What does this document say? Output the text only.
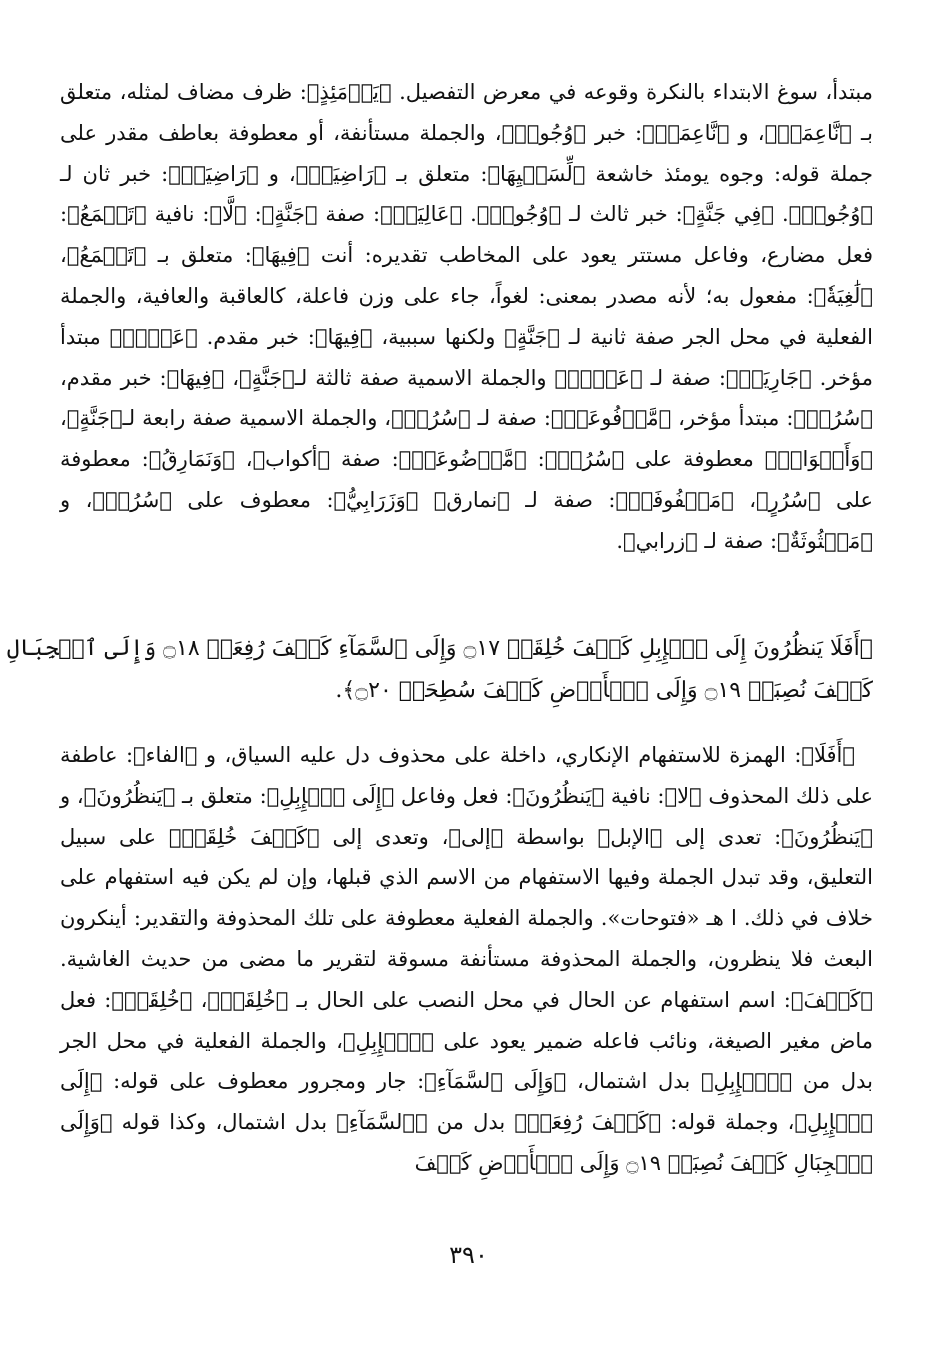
مبتدأ، سوغ الابتداء بالنكرة وقوعه في معرض التفصيل. ﴿يَوۡمَئِذٍ﴾: ظرف مضاف لمثله، متعلق بـ ﴿نَّاعِمَةٞ﴾، و ﴿نَّاعِمَةٞ﴾: خبر ﴿وُجُوهٞ﴾، والجملة مستأنفة، أو معطوفة بعاطف مقدر على جملة قوله: وجوه يومئذ خاشعة ﴿لِّسَعۡيِهَا﴾: متعلق بـ ﴿رَاضِيَةٞ﴾، و ﴿رَاضِيَةٞ﴾: خبر ثان لـ ﴿وُجُوهٞ﴾. ﴿فِي جَنَّةٍ﴾: خبر ثالث لـ ﴿وُجُوهٞ﴾. ﴿عَالِيَةٖ﴾: صفة ﴿جَنَّةٍ﴾: ﴿لَّا﴾: نافية ﴿تَسۡمَعُ﴾: فعل مضارع، وفاعل مستتر يعود على المخاطب تقديره: أنت ﴿فِيهَا﴾: متعلق بـ ﴿تَسۡمَعُ﴾، ﴿لَٰغِيَةٗ﴾: مفعول به؛ لأنه مصدر بمعنى: لغواً، جاء على وزن فاعلة، كالعاقبة والعافية، والجملة الفعلية في محل الجر صفة ثانية لـ ﴿جَنَّةٍ﴾ ولكنها سببية، ﴿فِيهَا﴾: خبر مقدم. ﴿عَيۡنٞ﴾ مبتدأ مؤخر. ﴿جَارِيَةٞ﴾: صفة لـ ﴿عَيۡنٞ﴾ والجملة الاسمية صفة ثالثة لـ﴿جَنَّةٍ﴾، ﴿فِيهَا﴾: خبر مقدم، ﴿سُرُرٞ﴾: مبتدأ مؤخر، ﴿مَّرۡفُوعَةٞ﴾: صفة لـ ﴿سُرُرٞ﴾، والجملة الاسمية صفة رابعة لـ﴿جَنَّةٍ﴾، ﴿وَأَكۡوَابٞ﴾ معطوفة على ﴿سُرُرٞ﴾: ﴿مَّوۡضُوعَةٞ﴾: صفة ﴿أكواب﴾، ﴿وَنَمَارِقُ﴾: معطوفة على ﴿سُرُرٍ﴾، ﴿مَصۡفُوفَةٞ﴾: صفة لـ ﴿نمارق﴾ ﴿وَزَرَابِيُّ﴾: معطوف على ﴿سُرُرٞ﴾، و ﴿مَبۡثُوثَةٌ﴾: صفة لـ ﴿زرابي﴾.

﴿أَفَلَا يَنظُرُونَ إِلَى ٱلۡإِبِلِ كَيۡفَ خُلِقَتۡ ۝١٧ وَإِلَى ٱلسَّمَآءِ كَيۡفَ رُفِعَتۡ ۝١٨ وَإِلَى ٱلۡجِبَالِ
كَيۡفَ نُصِبَتۡ ۝١٩ وَإِلَى ٱلۡأَرۡضِ كَيۡفَ سُطِحَتۡ ۝٢٠﴾.

﴿أَفَلَا﴾: الهمزة للاستفهام الإنكاري، داخلة على محذوف دل عليه السياق، و ﴿الفاء﴾: عاطفة على ذلك المحذوف ﴿لا﴾: نافية ﴿يَنظُرُونَ﴾: فعل وفاعل ﴿إِلَى ٱلۡإِبِلِ﴾: متعلق بـ ﴿يَنظُرُونَ﴾، و ﴿يَنظُرُونَ﴾: تعدى إلى ﴿الإبل﴾ بواسطة ﴿إلى﴾، وتعدى إلى ﴿كَيۡفَ خُلِقَتۡ﴾ على سبيل التعليق، وقد تبدل الجملة وفيها الاستفهام من الاسم الذي قبلها، وإن لم يكن فيه استفهام على خلاف في ذلك. ا هـ «فتوحات». والجملة الفعلية معطوفة على تلك المحذوفة والتقدير: أينكرون البعث فلا ينظرون، والجملة المحذوفة مستأنفة مسوقة لتقرير ما مضى من حديث الغاشية. ﴿كَيۡفَ﴾: اسم استفهام عن الحال في محل النصب على الحال بـ ﴿خُلِقَتۡ﴾، ﴿خُلِقَتۡ﴾: فعل ماض مغير الصيغة، ونائب فاعله ضمير يعود على ﴿ٱلۡإِبِلِ﴾، والجملة الفعلية في محل الجر بدل من ﴿ٱلۡإِبِلِ﴾ بدل اشتمال، ﴿وَإِلَى ٱلسَّمَآءِ﴾: جار ومجرور معطوف على قوله: ﴿إِلَى ٱلۡإِبِلِ﴾، وجملة قوله: ﴿كَيۡفَ رُفِعَتۡ﴾ بدل من ﴿ٱلسَّمَآءِ﴾ بدل اشتمال، وكذا قوله ﴿وَإِلَى ٱلۡجِبَالِ كَيۡفَ نُصِبَتۡ ۝١٩ وَإِلَى ٱلۡأَرۡضِ كَيۡفَ

٣٩٠
